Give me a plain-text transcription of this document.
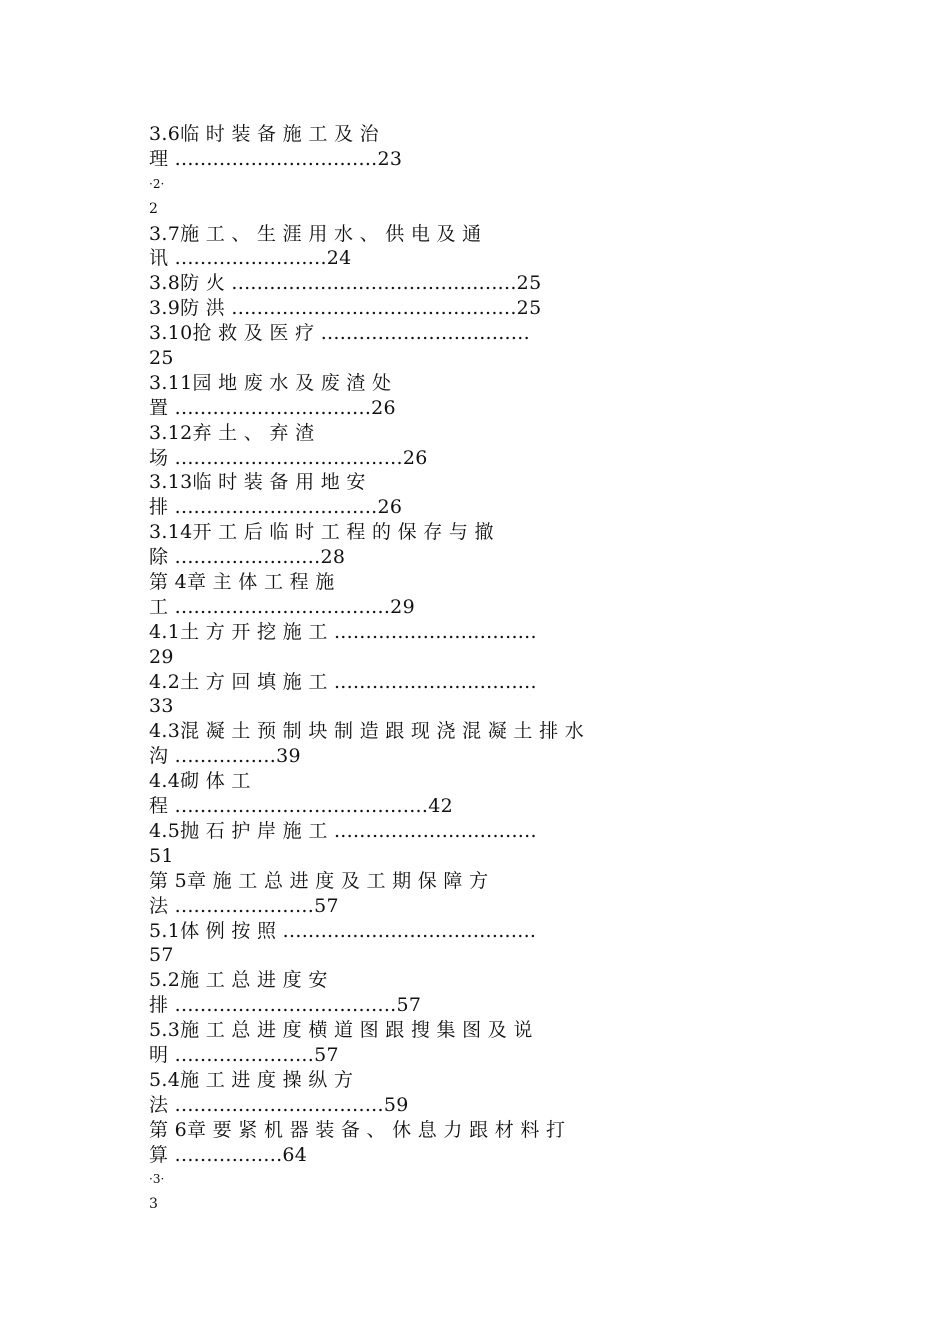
3.6临 时 装 备 施 工 及 治
理 ................................23
·2·
2
3.7施 工 、 生 涯 用 水 、 供 电 及 通
讯 ........................24
3.8防 火 .............................................25
3.9防 洪 .............................................25
3.10抢 救 及 医 疗 .................................
25
3.11园 地 废 水 及 废 渣 处
置 ...............................26
3.12弃 土 、 弃 渣
场 ....................................26
3.13临 时 装 备 用 地 安
排 ................................26
3.14开 工 后 临 时 工 程 的 保 存 与 撤
除 .......................28
第 4章 主 体 工 程 施
工 ..................................29
4.1土 方 开 挖 施 工 ................................
29
4.2土 方 回 填 施 工 ................................
33
4.3混 凝 土 预 制 块 制 造 跟 现 浇 混 凝 土 排 水
沟 ................39
4.4砌 体 工
程 ........................................42
4.5抛 石 护 岸 施 工 ................................
51
第 5章 施 工 总 进 度 及 工 期 保 障 方
法 ......................57
5.1体 例 按 照 ........................................
57
5.2施 工 总 进 度 安
排 ...................................57
5.3施 工 总 进 度 横 道 图 跟 搜 集 图 及 说
明 ......................57
5.4施 工 进 度 操 纵 方
法 .................................59
第 6章 要 紧 机 器 装 备 、 休 息 力 跟 材 料 打
算 .................64
·3·
3
